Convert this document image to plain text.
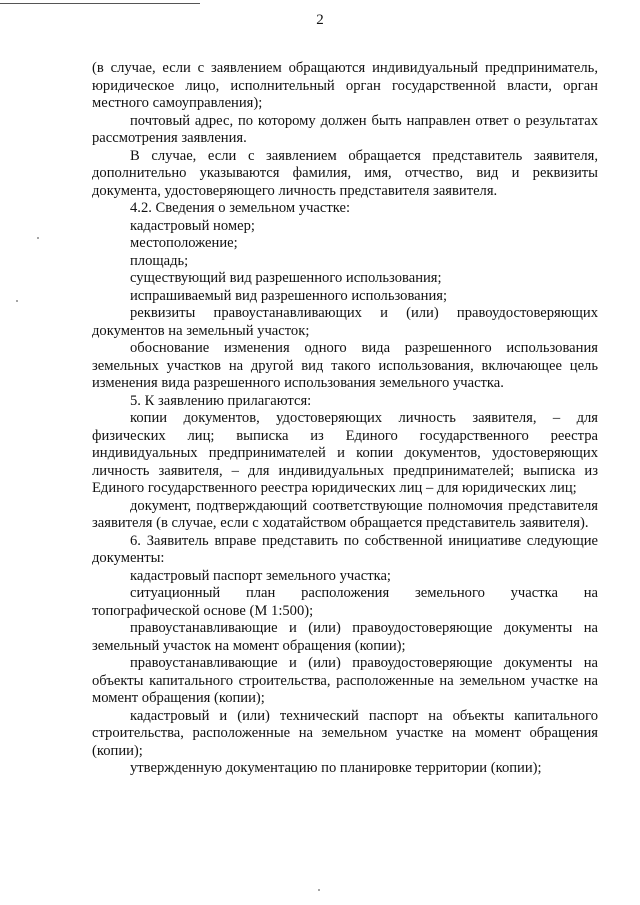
2

(в случае, если с заявлением обращаются индивидуальный предприниматель, юридическое лицо, исполнительный орган государственной власти, орган местного самоуправления);

почтовый адрес, по которому должен быть направлен ответ о результатах рассмотрения заявления.

В случае, если с заявлением обращается представитель заявителя, дополнительно указываются фамилия, имя, отчество, вид и реквизиты документа, удостоверяющего личность представителя заявителя.

4.2. Сведения о земельном участке:

кадастровый номер;

местоположение;

площадь;

существующий вид разрешенного использования;

испрашиваемый вид разрешенного использования;

реквизиты правоустанавливающих и (или) правоудостоверяющих документов на земельный участок;

обоснование изменения одного вида разрешенного использования земельных участков на другой вид такого использования, включающее цель изменения вида разрешенного использования земельного участка.

5. К заявлению прилагаются:

копии документов, удостоверяющих личность заявителя, – для физических лиц; выписка из Единого государственного реестра индивидуальных предпринимателей и копии документов, удостоверяющих личность заявителя, – для индивидуальных предпринимателей; выписка из Единого государственного реестра юридических лиц – для юридических лиц;

документ, подтверждающий соответствующие полномочия представителя заявителя (в случае, если с ходатайством обращается представитель заявителя).

6. Заявитель вправе представить по собственной инициативе следующие документы:

кадастровый паспорт земельного участка;

ситуационный план расположения земельного участка на топографической основе (М 1:500);

правоустанавливающие и (или) правоудостоверяющие документы на земельный участок на момент обращения (копии);

правоустанавливающие и (или) правоудостоверяющие документы на объекты капитального строительства, расположенные на земельном участке на момент обращения (копии);

кадастровый и (или) технический паспорт на объекты капитального строительства, расположенные на земельном участке на момент обращения (копии);

утвержденную документацию по планировке территории (копии);
